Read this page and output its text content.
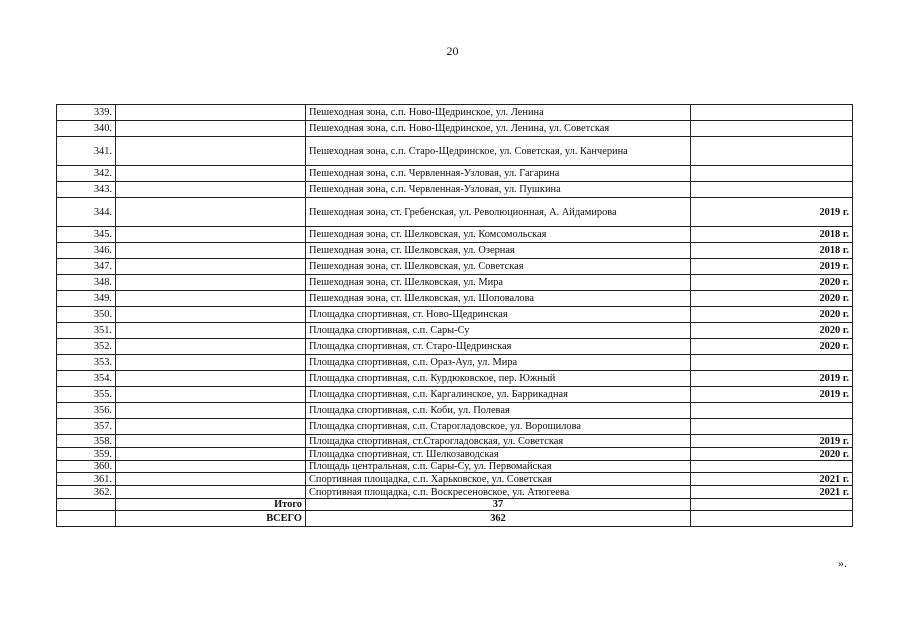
20
339.		Пешеходная зона, с.п. Ново-Щедринское, ул. Ленина	
340.		Пешеходная зона, с.п. Ново-Щедринское, ул. Ленина, ул. Советская	
341.		Пешеходная зона, с.п. Старо-Щедринское, ул. Советская, ул. Канчерина	
342.		Пешеходная зона, с.п. Червленная-Узловая, ул. Гагарина	
343.		Пешеходная зона, с.п. Червленная-Узловая, ул. Пушкина	
344.		Пешеходная зона, ст. Гребенская, ул. Революционная, А. Айдамирова	2019 г.
345.		Пешеходная зона, ст. Шелковская, ул. Комсомольская	2018 г.
346.		Пешеходная зона, ст. Шелковская, ул. Озерная	2018 г.
347.		Пешеходная зона, ст. Шелковская, ул. Советская	2019 г.
348.		Пешеходная зона, ст. Шелковская, ул. Мира	2020 г.
349.		Пешеходная зона, ст. Шелковская, ул. Шоповалова	2020 г.
350.		Площадка спортивная, ст. Ново-Щедринская	2020 г.
351.		Площадка спортивная, с.п. Сары-Су	2020 г.
352.		Площадка спортивная, ст. Старо-Щедринская	2020 г.
353.		Площадка спортивная, с.п. Ораз-Аул, ул. Мира	
354.		Площадка спортивная, с.п. Курдюковское, пер. Южный	2019 г.
355.		Площадка спортивная, с.п. Каргалинское, ул. Баррикадная	2019 г.
356.		Площадка спортивная, с.п. Коби, ул. Полевая	
357.		Площадка спортивная, с.п. Старогладовское, ул. Ворошилова	
358.		Площадка спортивная, ст.Старогладовская, ул. Советская	2019 г.
359.		Площадка спортивная, ст. Шелкозаводская	2020 г.
360.		Площадь центральная, с.п. Сары-Су, ул. Первомайская	
361.		Спортивная площадка, с.п. Харьковское, ул. Советская	2021 г.
362.		Спортивная площадка, с.п. Воскресеновское, ул. Атюгеева	2021 г.
	Итого	37	
	ВСЕГО	362	
».
